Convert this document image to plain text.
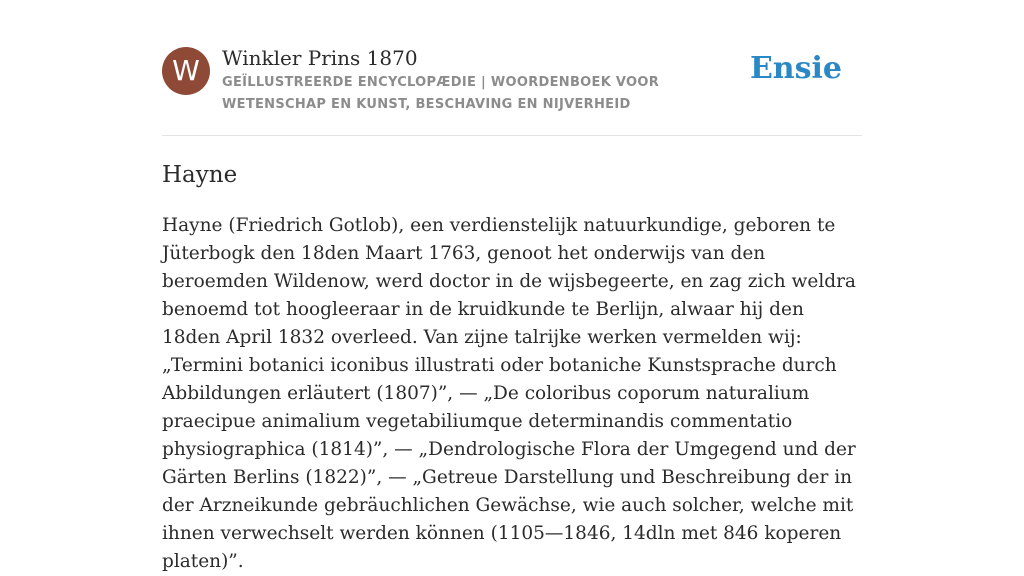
W	Winkler Prins 1870
GEÏLLUSTREERDE ENCYCLOPÆDIE | WOORDENBOEK VOOR WETENSCHAP EN KUNST, BESCHAVING EN NIJVERHEID
Ensie
Hayne

Hayne (Friedrich Gotlob), een verdienstelijk natuurkundige, geboren te Jüterbogk den 18den Maart 1763, genoot het onderwijs van den beroemden Wildenow, werd doctor in de wijsbegeerte, en zag zich weldra benoemd tot hoogleeraar in de kruidkunde te Berlijn, alwaar hij den 18den April 1832 overleed. Van zijne talrijke werken vermelden wij: „Termini botanici iconibus illustrati oder botaniche Kunstsprache durch Abbildungen erläutert (1807)”, — „De coloribus coporum naturalium praecipue animalium vegetabiliumque determinandis commentatio physiographica (1814)”, — „Dendrologische Flora der Umgegend und der Gärten Berlins (1822)”, — „Getreue Darstellung und Beschreibung der in der Arzneikunde gebräuchlichen Gewächse, wie auch solcher, welche mit ihnen verwechselt werden können (1105—1846, 14dln met 846 koperen platen)”.
